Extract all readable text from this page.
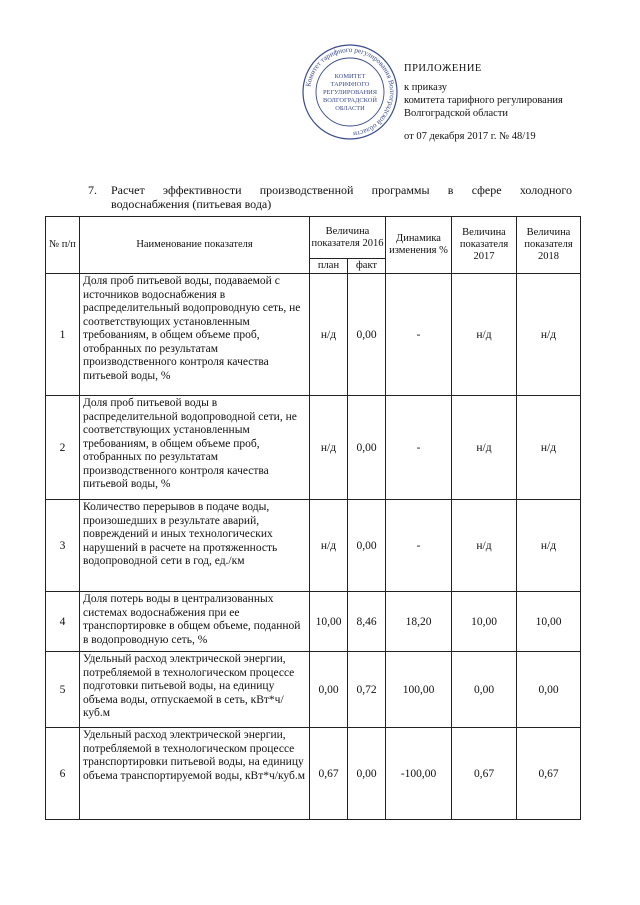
Комитет тарифного регулирования Волгоградской области
КОМИТЕТ
ТАРИФНОГО
РЕГУЛИРОВАНИЯ
ВОЛГОГРАДСКОЙ
ОБЛАСТИ
ПРИЛОЖЕНИЕ
к приказу
комитета тарифного регулирования
Волгоградской области
от 07 декабря 2017 г. № 48/19
7. Расчет эффективности производственной программы в сфере холодного
водоснабжения (питьевая вода)
№ п/п	Наименование показателя	Величина показателя 2016		Динамика изменения %	Величина показателя 2017	Величина показателя 2018
		план	факт			
1	Доля проб питьевой воды, подаваемой с источников водоснабжения в распределительный водопроводную сеть, не соответствующих установленным требованиям, в общем объеме проб, отобранных по результатам производственного контроля качества питьевой воды, %	н/д	0,00	-	н/д	н/д
2	Доля проб питьевой воды в распределительной водопроводной сети, не соответствующих установленным требованиям, в общем объеме проб, отобранных по результатам производственного контроля качества питьевой воды, %	н/д	0,00	-	н/д	н/д
3	Количество перерывов в подаче воды, произошедших в результате аварий, повреждений и иных технологических нарушений в расчете на протяженность водопроводной сети в год, ед./км	н/д	0,00	-	н/д	н/д
4	Доля потерь воды в централизованных системах водоснабжения при ее транспортировке в общем объеме, поданной в водопроводную сеть, %	10,00	8,46	18,20	10,00	10,00
5	Удельный расход электрической энергии, потребляемой в технологическом процессе подготовки питьевой воды, на единицу объема воды, отпускаемой в сеть, кВт*ч/куб.м	0,00	0,72	100,00	0,00	0,00
6	Удельный расход электрической энергии, потребляемой в технологическом процессе транспортировки питьевой воды, на единицу объема транспортируемой воды, кВт*ч/куб.м	0,67	0,00	-100,00	0,67	0,67
